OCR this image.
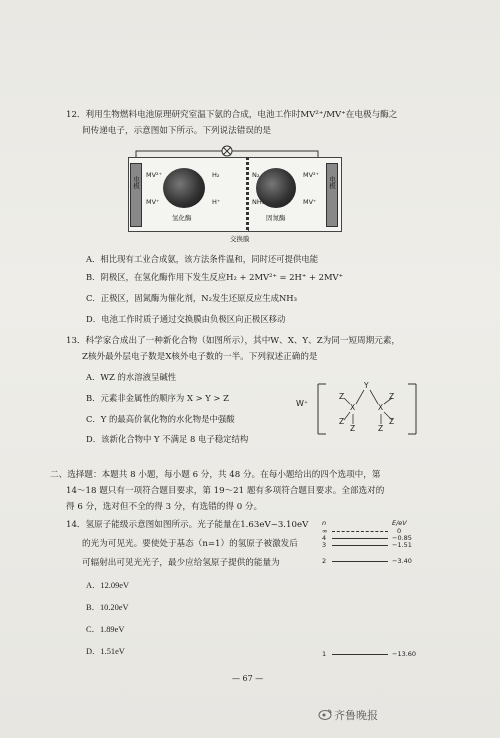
12．利用生物燃料电池原理研究室温下氨的合成，电池工作时MV²⁺/MV⁺在电极与酶之
间传递电子，示意图如下所示。下列说法错误的是
电极	电极
MV²⁺
MV⁺
H₂
H⁺
氢化酶
N₂
NH₃
MV²⁺
MV⁺
固氮酶
交换膜
A．相比现有工业合成氨，该方法条件温和，同时还可提供电能
B．阴极区，在氢化酶作用下发生反应H₂ + 2MV²⁺ = 2H⁺ + 2MV⁺
C．正极区，固氮酶为催化剂，N₂发生还原反应生成NH₃
D．电池工作时质子通过交换膜由负极区向正极区移动
13．科学家合成出了一种新化合物（如图所示），其中W、X、Y、Z为同一短周期元素，
Z核外最外层电子数是X核外电子数的一半。下列叙述正确的是
A．WZ 的水溶液呈碱性
B．元素非金属性的顺序为 X > Y > Z
C．Y 的最高价氧化物的水化物是中强酸
D．该新化合物中 Y 不满足 8 电子稳定结构
W⁺
Y
X	X
Z	Z
Z	Z
Z	Z
二、选择题：本题共 8 小题，每小题 6 分，共 48 分。在每小题给出的四个选项中，第
14～18 题只有一项符合题目要求，第 19～21 题有多项符合题目要求。全部选对的
得 6 分，选对但不全的得 3 分，有选错的得 0 分。
14．氢原子能级示意图如图所示。光子能量在1.63eV~3.10eV
的光为可见光。要使处于基态（n=1）的氢原子被激发后
可辐射出可见光光子，最少应给氢原子提供的能量为
A．12.09eV
B．10.20eV
C．1.89eV
D．1.51eV
n	E/eV
∞	0
4	−0.85
3	−1.51
2	−3.40
1	−13.60
— 67 —
齐鲁晚报
